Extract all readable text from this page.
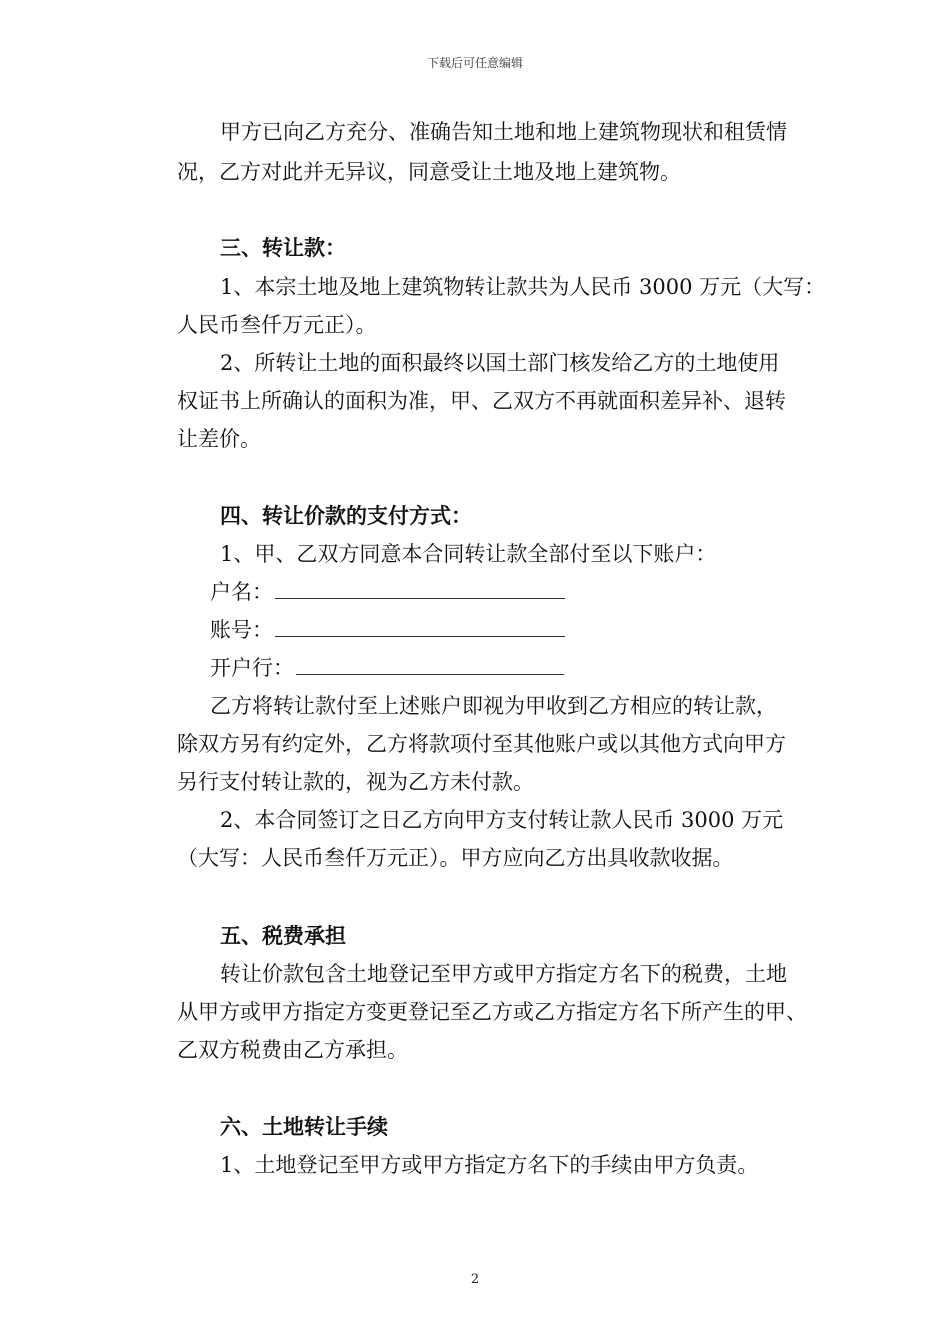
下载后可任意编辑
甲方已向乙方充分、准确告知土地和地上建筑物现状和租赁情
况，乙方对此并无异议，同意受让土地及地上建筑物。
三、转让款：
1、本宗土地及地上建筑物转让款共为人民币 3000 万元（大写：
人民币叁仟万元正）。
2、所转让土地的面积最终以国土部门核发给乙方的土地使用
权证书上所确认的面积为准，甲、乙双方不再就面积差异补、退转
让差价。
四、转让价款的支付方式：
1、甲、乙双方同意本合同转让款全部付至以下账户：
户名：
账号：
开户行：
乙方将转让款付至上述账户即视为甲收到乙方相应的转让款，
除双方另有约定外，乙方将款项付至其他账户或以其他方式向甲方
另行支付转让款的，视为乙方未付款。
2、本合同签订之日乙方向甲方支付转让款人民币 3000 万元
（大写：人民币叁仟万元正）。甲方应向乙方出具收款收据。
五、税费承担
转让价款包含土地登记至甲方或甲方指定方名下的税费，土地
从甲方或甲方指定方变更登记至乙方或乙方指定方名下所产生的甲、
乙双方税费由乙方承担。
六、土地转让手续
1、土地登记至甲方或甲方指定方名下的手续由甲方负责。
2
